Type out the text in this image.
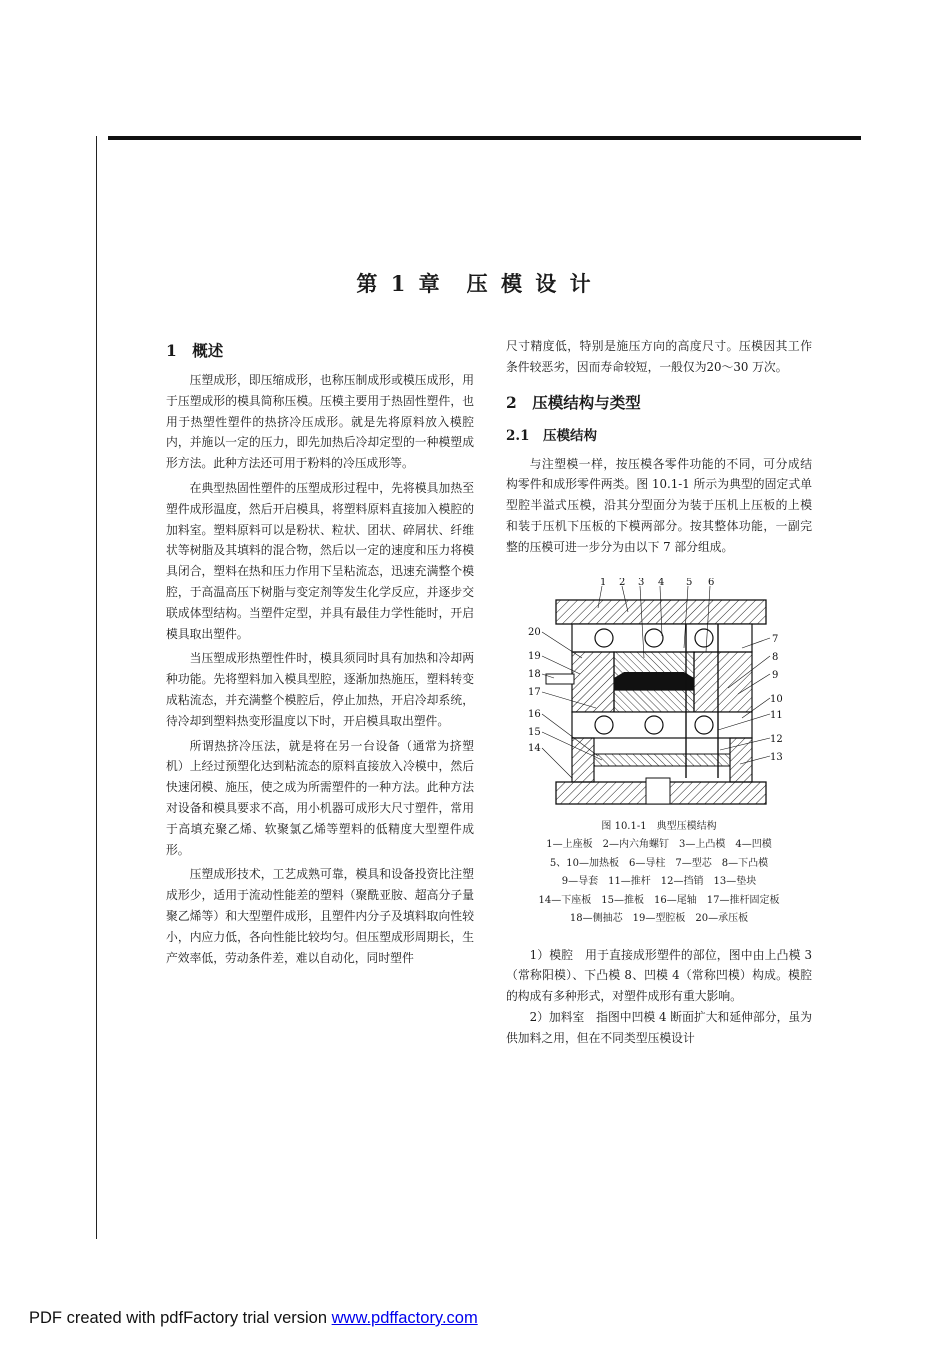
第 1 章　压 模 设 计

1　概述

压塑成形，即压缩成形，也称压制成形或模压成形，用于压塑成形的模具简称压模。压模主要用于热固性塑件，也用于热塑性塑件的热挤冷压成形。就是先将原料放入模腔内，并施以一定的压力，即先加热后冷却定型的一种模塑成形方法。此种方法还可用于粉料的冷压成形等。

在典型热固性塑件的压塑成形过程中，先将模具加热至塑件成形温度，然后开启模具，将塑料原料直接加入模腔的加料室。塑料原料可以是粉状、粒状、团状、碎屑状、纤维状等树脂及其填料的混合物，然后以一定的速度和压力将模具闭合，塑料在热和压力作用下呈粘流态，迅速充满整个模腔，于高温高压下树脂与变定剂等发生化学反应，并逐步交联成体型结构。当塑件定型，并具有最佳力学性能时，开启模具取出塑件。

当压塑成形热塑性件时，模具须同时具有加热和冷却两种功能。先将塑料加入模具型腔，逐渐加热施压，塑料转变成粘流态，并充满整个模腔后，停止加热，开启冷却系统，待冷却到塑料热变形温度以下时，开启模具取出塑件。

所谓热挤冷压法，就是将在另一台设备（通常为挤塑机）上经过预塑化达到粘流态的原料直接放入冷模中，然后快速闭模、施压，使之成为所需塑件的一种方法。此种方法对设备和模具要求不高，用小机器可成形大尺寸塑件，常用于高填充聚乙烯、软聚氯乙烯等塑料的低精度大型塑件成形。

压塑成形技术，工艺成熟可靠，模具和设备投资比注塑成形少，适用于流动性能差的塑料（聚酰亚胺、超高分子量聚乙烯等）和大型塑件成形，且塑件内分子及填料取向性较小，内应力低，各向性能比较均匀。但压塑成形周期长，生产效率低，劳动条件差，难以自动化，同时塑件

尺寸精度低，特别是施压方向的高度尺寸。压模因其工作条件较恶劣，因而寿命较短，一般仅为20～30 万次。

2　压模结构与类型

2.1　压模结构

与注塑模一样，按压模各零件功能的不同，可分成结构零件和成形零件两类。图 10.1-1 所示为典型的固定式单型腔半溢式压模，沿其分型面分为装于压机上压板的上模和装于压机下压板的下模两部分。按其整体功能，一副完整的压模可进一步分为由以下 7 部分组成。

1 2 3 4 5 6
7
8
9
10
11
12
13
20
19
18
17
16
15
14
图 10.1-1　典型压模结构
1—上座板　2—内六角螺钉　3—上凸模　4—凹模
5、10—加热板　6—导柱　7—型芯　8—下凸模
9—导套　11—推杆　12—挡销　13—垫块
14—下座板　15—推板　16—尾轴　17—推杆固定板
18—侧抽芯　19—型腔板　20—承压板

1）模腔　用于直接成形塑件的部位，图中由上凸模 3（常称阳模）、下凸模 8、凹模 4（常称凹模）构成。模腔的构成有多种形式，对塑件成形有重大影响。

2）加料室　指图中凹模 4 断面扩大和延伸部分，虽为供加料之用，但在不同类型压模设计

PDF created with pdfFactory trial version www.pdffactory.com
